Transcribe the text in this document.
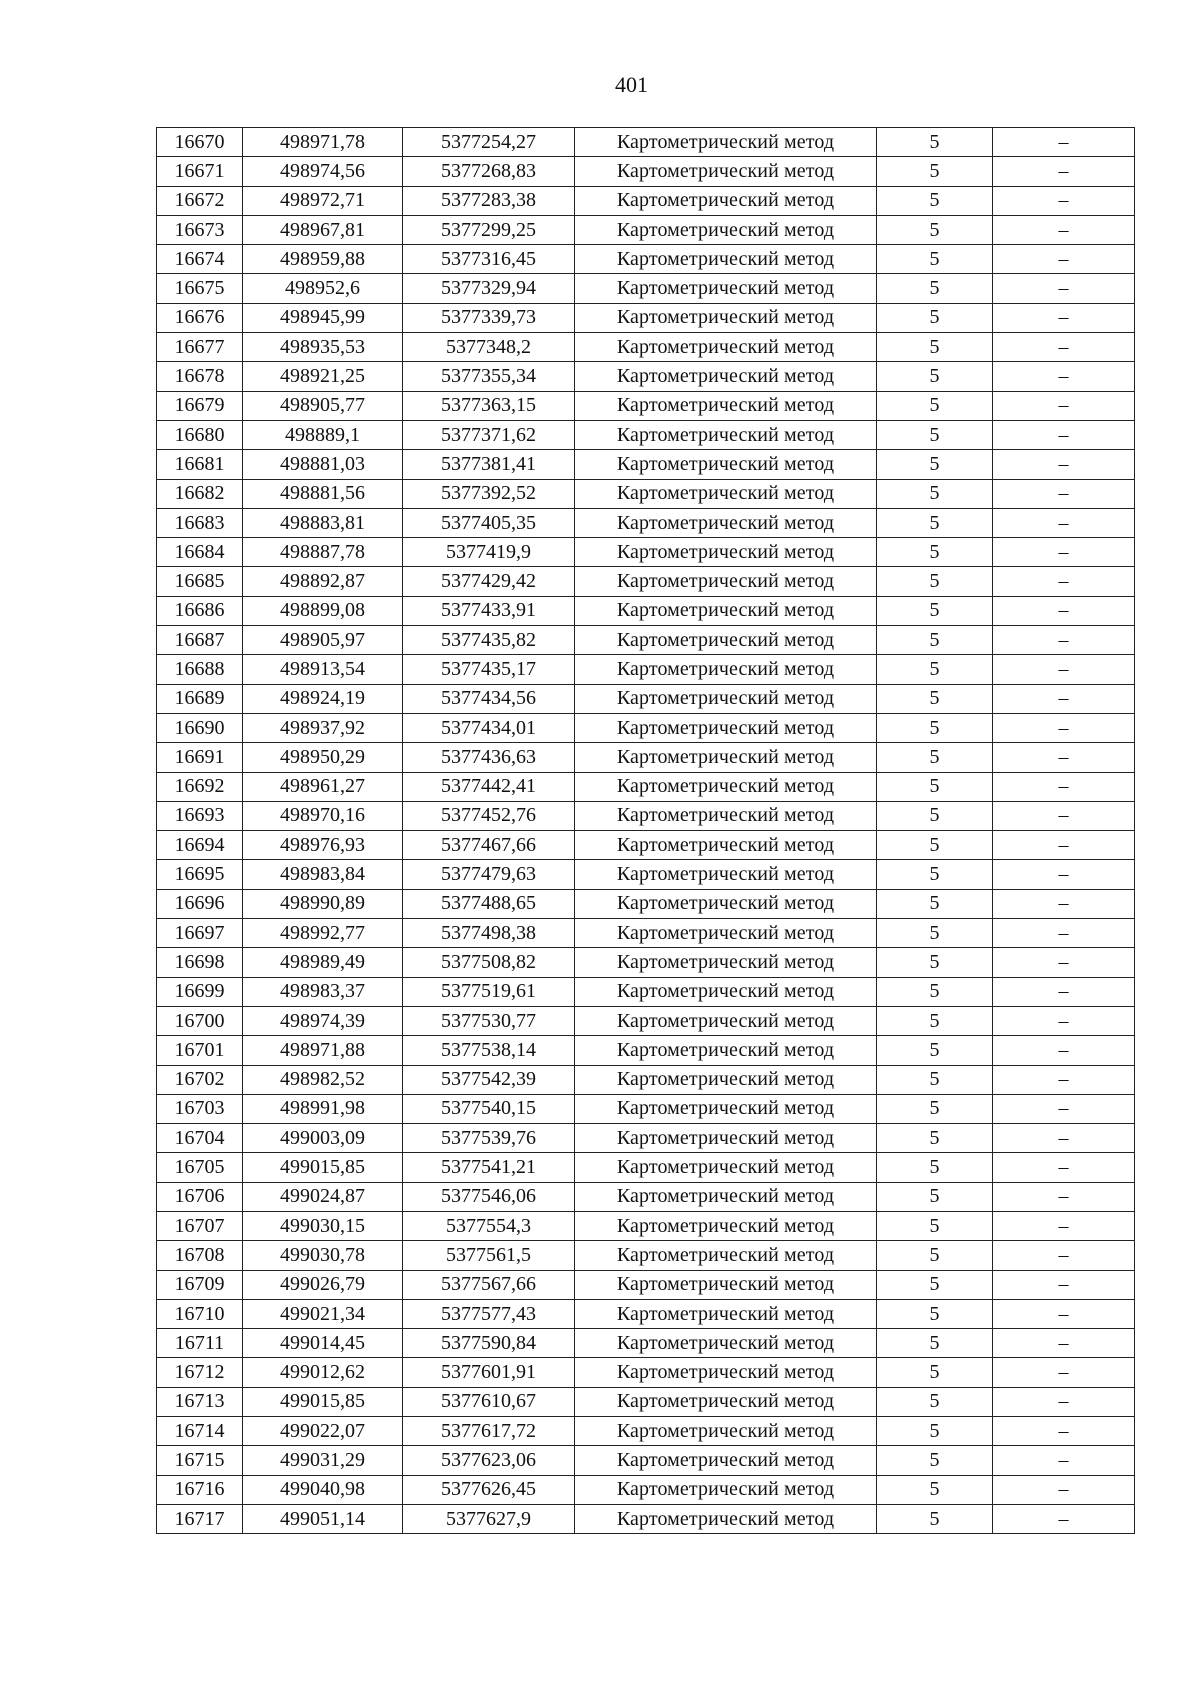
401
16670	498971,78	5377254,27	Картометрический метод	5	–
16671	498974,56	5377268,83	Картометрический метод	5	–
16672	498972,71	5377283,38	Картометрический метод	5	–
16673	498967,81	5377299,25	Картометрический метод	5	–
16674	498959,88	5377316,45	Картометрический метод	5	–
16675	498952,6	5377329,94	Картометрический метод	5	–
16676	498945,99	5377339,73	Картометрический метод	5	–
16677	498935,53	5377348,2	Картометрический метод	5	–
16678	498921,25	5377355,34	Картометрический метод	5	–
16679	498905,77	5377363,15	Картометрический метод	5	–
16680	498889,1	5377371,62	Картометрический метод	5	–
16681	498881,03	5377381,41	Картометрический метод	5	–
16682	498881,56	5377392,52	Картометрический метод	5	–
16683	498883,81	5377405,35	Картометрический метод	5	–
16684	498887,78	5377419,9	Картометрический метод	5	–
16685	498892,87	5377429,42	Картометрический метод	5	–
16686	498899,08	5377433,91	Картометрический метод	5	–
16687	498905,97	5377435,82	Картометрический метод	5	–
16688	498913,54	5377435,17	Картометрический метод	5	–
16689	498924,19	5377434,56	Картометрический метод	5	–
16690	498937,92	5377434,01	Картометрический метод	5	–
16691	498950,29	5377436,63	Картометрический метод	5	–
16692	498961,27	5377442,41	Картометрический метод	5	–
16693	498970,16	5377452,76	Картометрический метод	5	–
16694	498976,93	5377467,66	Картометрический метод	5	–
16695	498983,84	5377479,63	Картометрический метод	5	–
16696	498990,89	5377488,65	Картометрический метод	5	–
16697	498992,77	5377498,38	Картометрический метод	5	–
16698	498989,49	5377508,82	Картометрический метод	5	–
16699	498983,37	5377519,61	Картометрический метод	5	–
16700	498974,39	5377530,77	Картометрический метод	5	–
16701	498971,88	5377538,14	Картометрический метод	5	–
16702	498982,52	5377542,39	Картометрический метод	5	–
16703	498991,98	5377540,15	Картометрический метод	5	–
16704	499003,09	5377539,76	Картометрический метод	5	–
16705	499015,85	5377541,21	Картометрический метод	5	–
16706	499024,87	5377546,06	Картометрический метод	5	–
16707	499030,15	5377554,3	Картометрический метод	5	–
16708	499030,78	5377561,5	Картометрический метод	5	–
16709	499026,79	5377567,66	Картометрический метод	5	–
16710	499021,34	5377577,43	Картометрический метод	5	–
16711	499014,45	5377590,84	Картометрический метод	5	–
16712	499012,62	5377601,91	Картометрический метод	5	–
16713	499015,85	5377610,67	Картометрический метод	5	–
16714	499022,07	5377617,72	Картометрический метод	5	–
16715	499031,29	5377623,06	Картометрический метод	5	–
16716	499040,98	5377626,45	Картометрический метод	5	–
16717	499051,14	5377627,9	Картометрический метод	5	–
